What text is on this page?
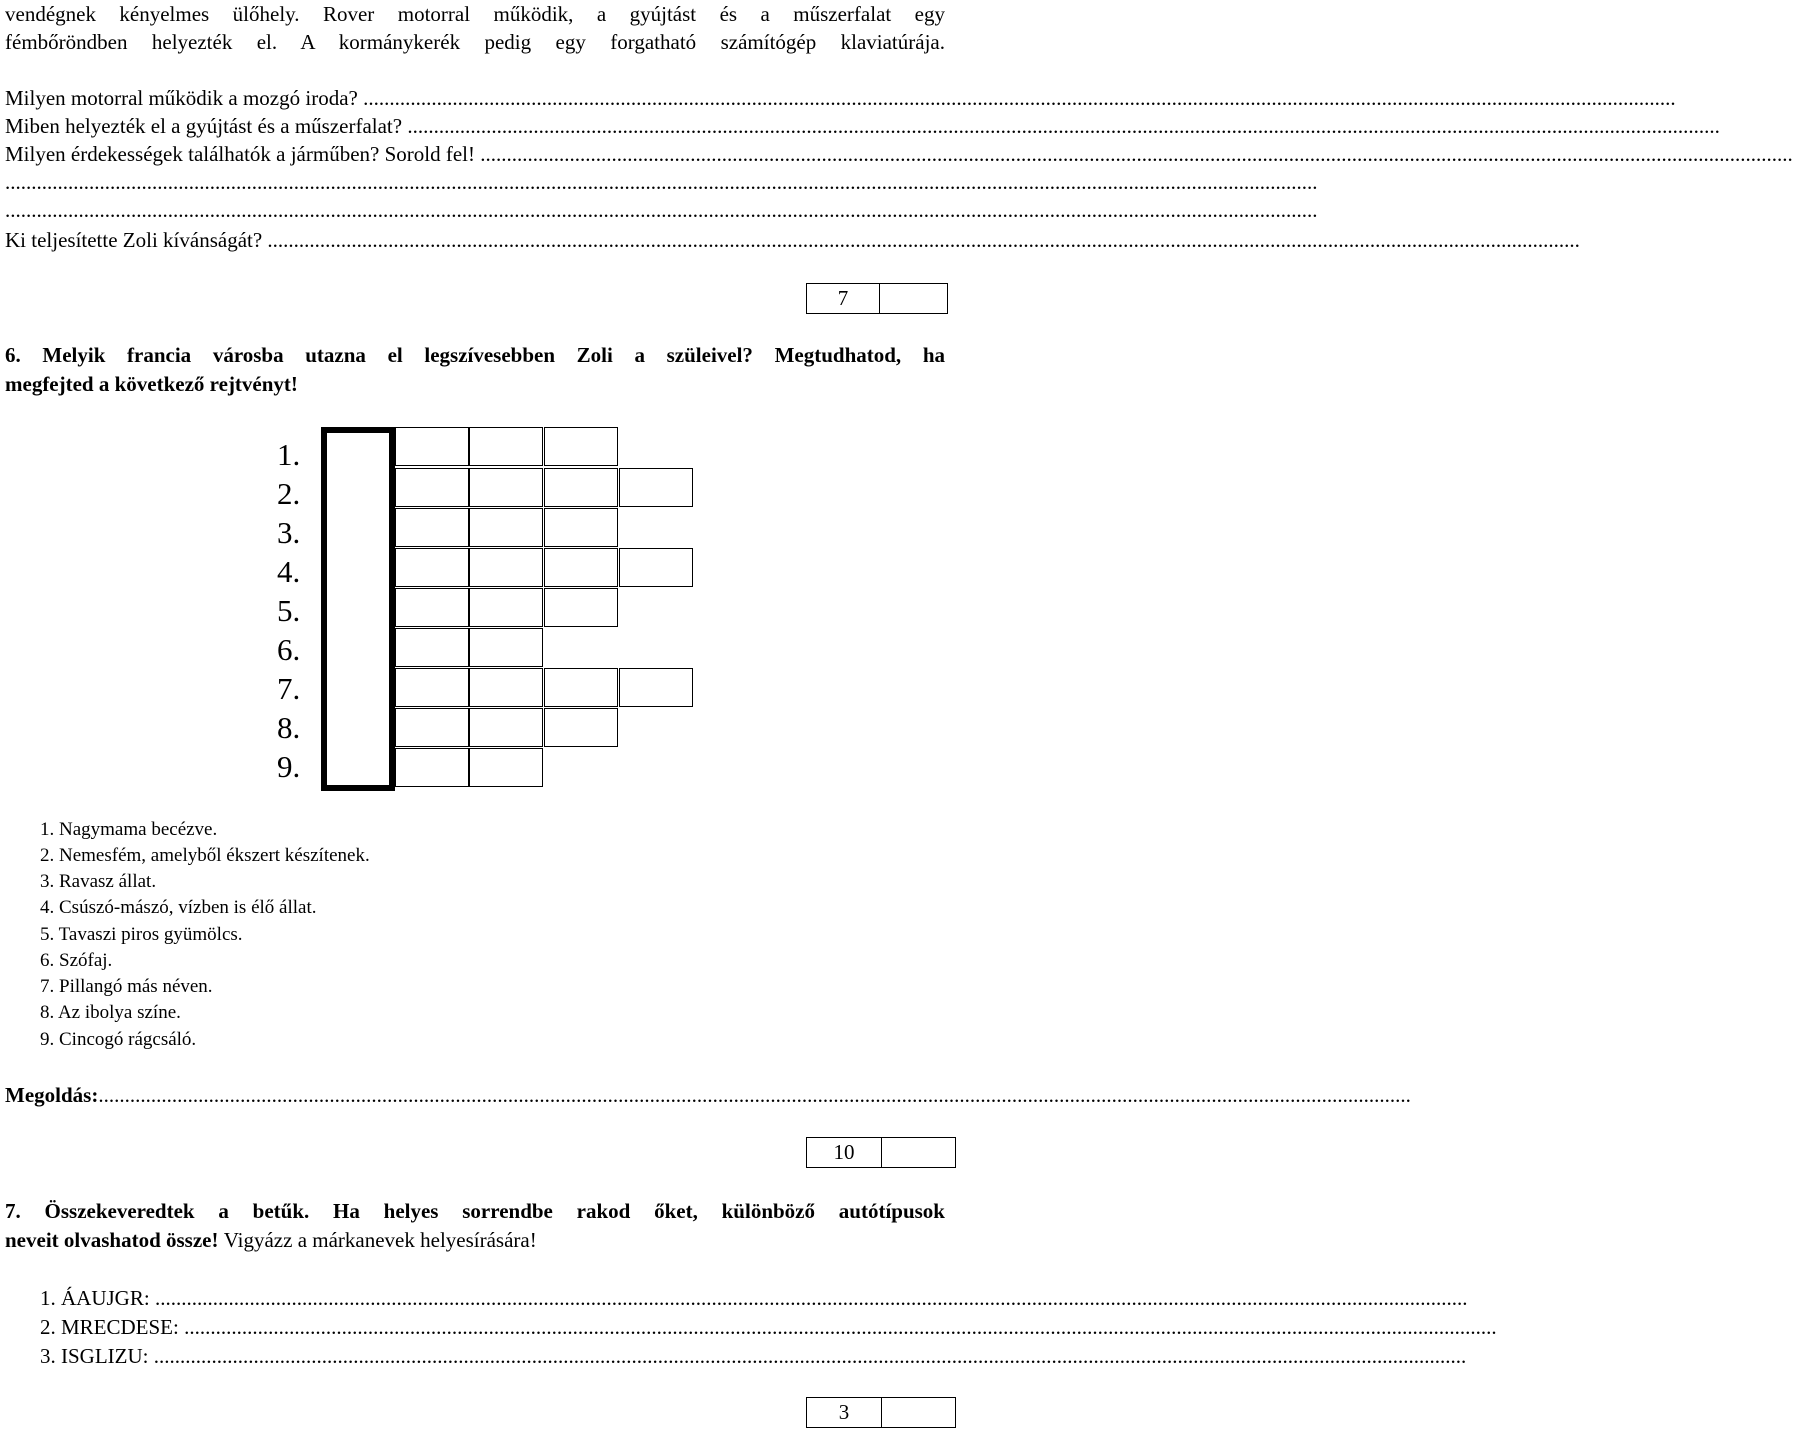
vendégnek kényelmes ülőhely. Rover motorral működik, a gyújtást és a műszerfalat egy
fémbőröndben helyezték el. A kormánykerék pedig egy forgatható számítógép klaviatúrája.
Milyen motorral működik a mozgó iroda? ..........................................................................................................................................................................................................................................................
Miben helyezték el a gyújtást és a műszerfalat? ..........................................................................................................................................................................................................................................................
Milyen érdekességek találhatók a járműben? Sorold fel! ..........................................................................................................................................................................................................................................................
..........................................................................................................................................................................................................................................................
..........................................................................................................................................................................................................................................................
Ki teljesítette Zoli kívánságát? ..........................................................................................................................................................................................................................................................
7
6. Melyik francia városba utazna el legszívesebben Zoli a szüleivel? Megtudhatod, ha
megfejted a következő rejtvényt!
1.
2.
3.
4.
5.
6.
7.
8.
9.
1. Nagymama becézve.
2. Nemesfém, amelyből ékszert készítenek.
3. Ravasz állat.
4. Csúszó-mászó, vízben is élő állat.
5. Tavaszi piros gyümölcs.
6. Szófaj.
7. Pillangó más néven.
8. Az ibolya színe.
9. Cincogó rágcsáló.
Megoldás:..........................................................................................................................................................................................................................................................
10
7. Összekeveredtek a betűk. Ha helyes sorrendbe rakod őket, különböző autótípusok
neveit olvashatod össze! Vigyázz a márkanevek helyesírására!
1. ÁAUJGR: ..........................................................................................................................................................................................................................................................
2. MRECDESE: ..........................................................................................................................................................................................................................................................
3. ISGLIZU: ..........................................................................................................................................................................................................................................................
3
